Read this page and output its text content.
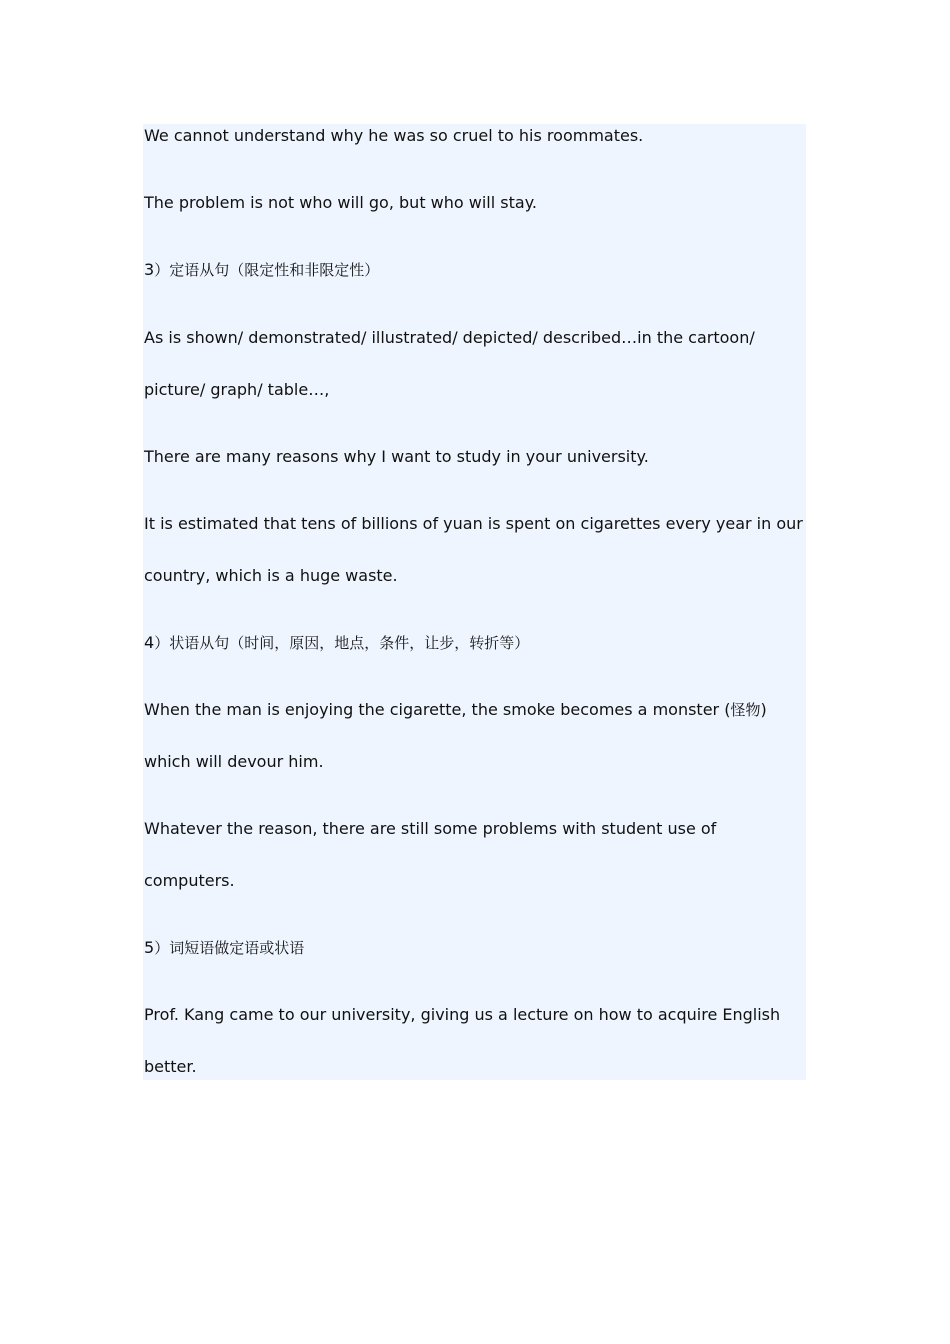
We cannot understand why he was so cruel to his roommates.
The problem is not who will go, but who will stay.
3）定语从句（限定性和非限定性）
As is shown/ demonstrated/ illustrated/ depicted/ described…in the cartoon/
picture/ graph/ table…,
There are many reasons why I want to study in your university.
It is estimated that tens of billions of yuan is spent on cigarettes every year in our
country, which is a huge waste.
4）状语从句（时间，原因，地点，条件，让步，转折等）
When the man is enjoying the cigarette, the smoke becomes a monster (怪物)
which will devour him.
Whatever the reason, there are still some problems with student use of
computers.
5）词短语做定语或状语
Prof. Kang came to our university, giving us a lecture on how to acquire English
better.
